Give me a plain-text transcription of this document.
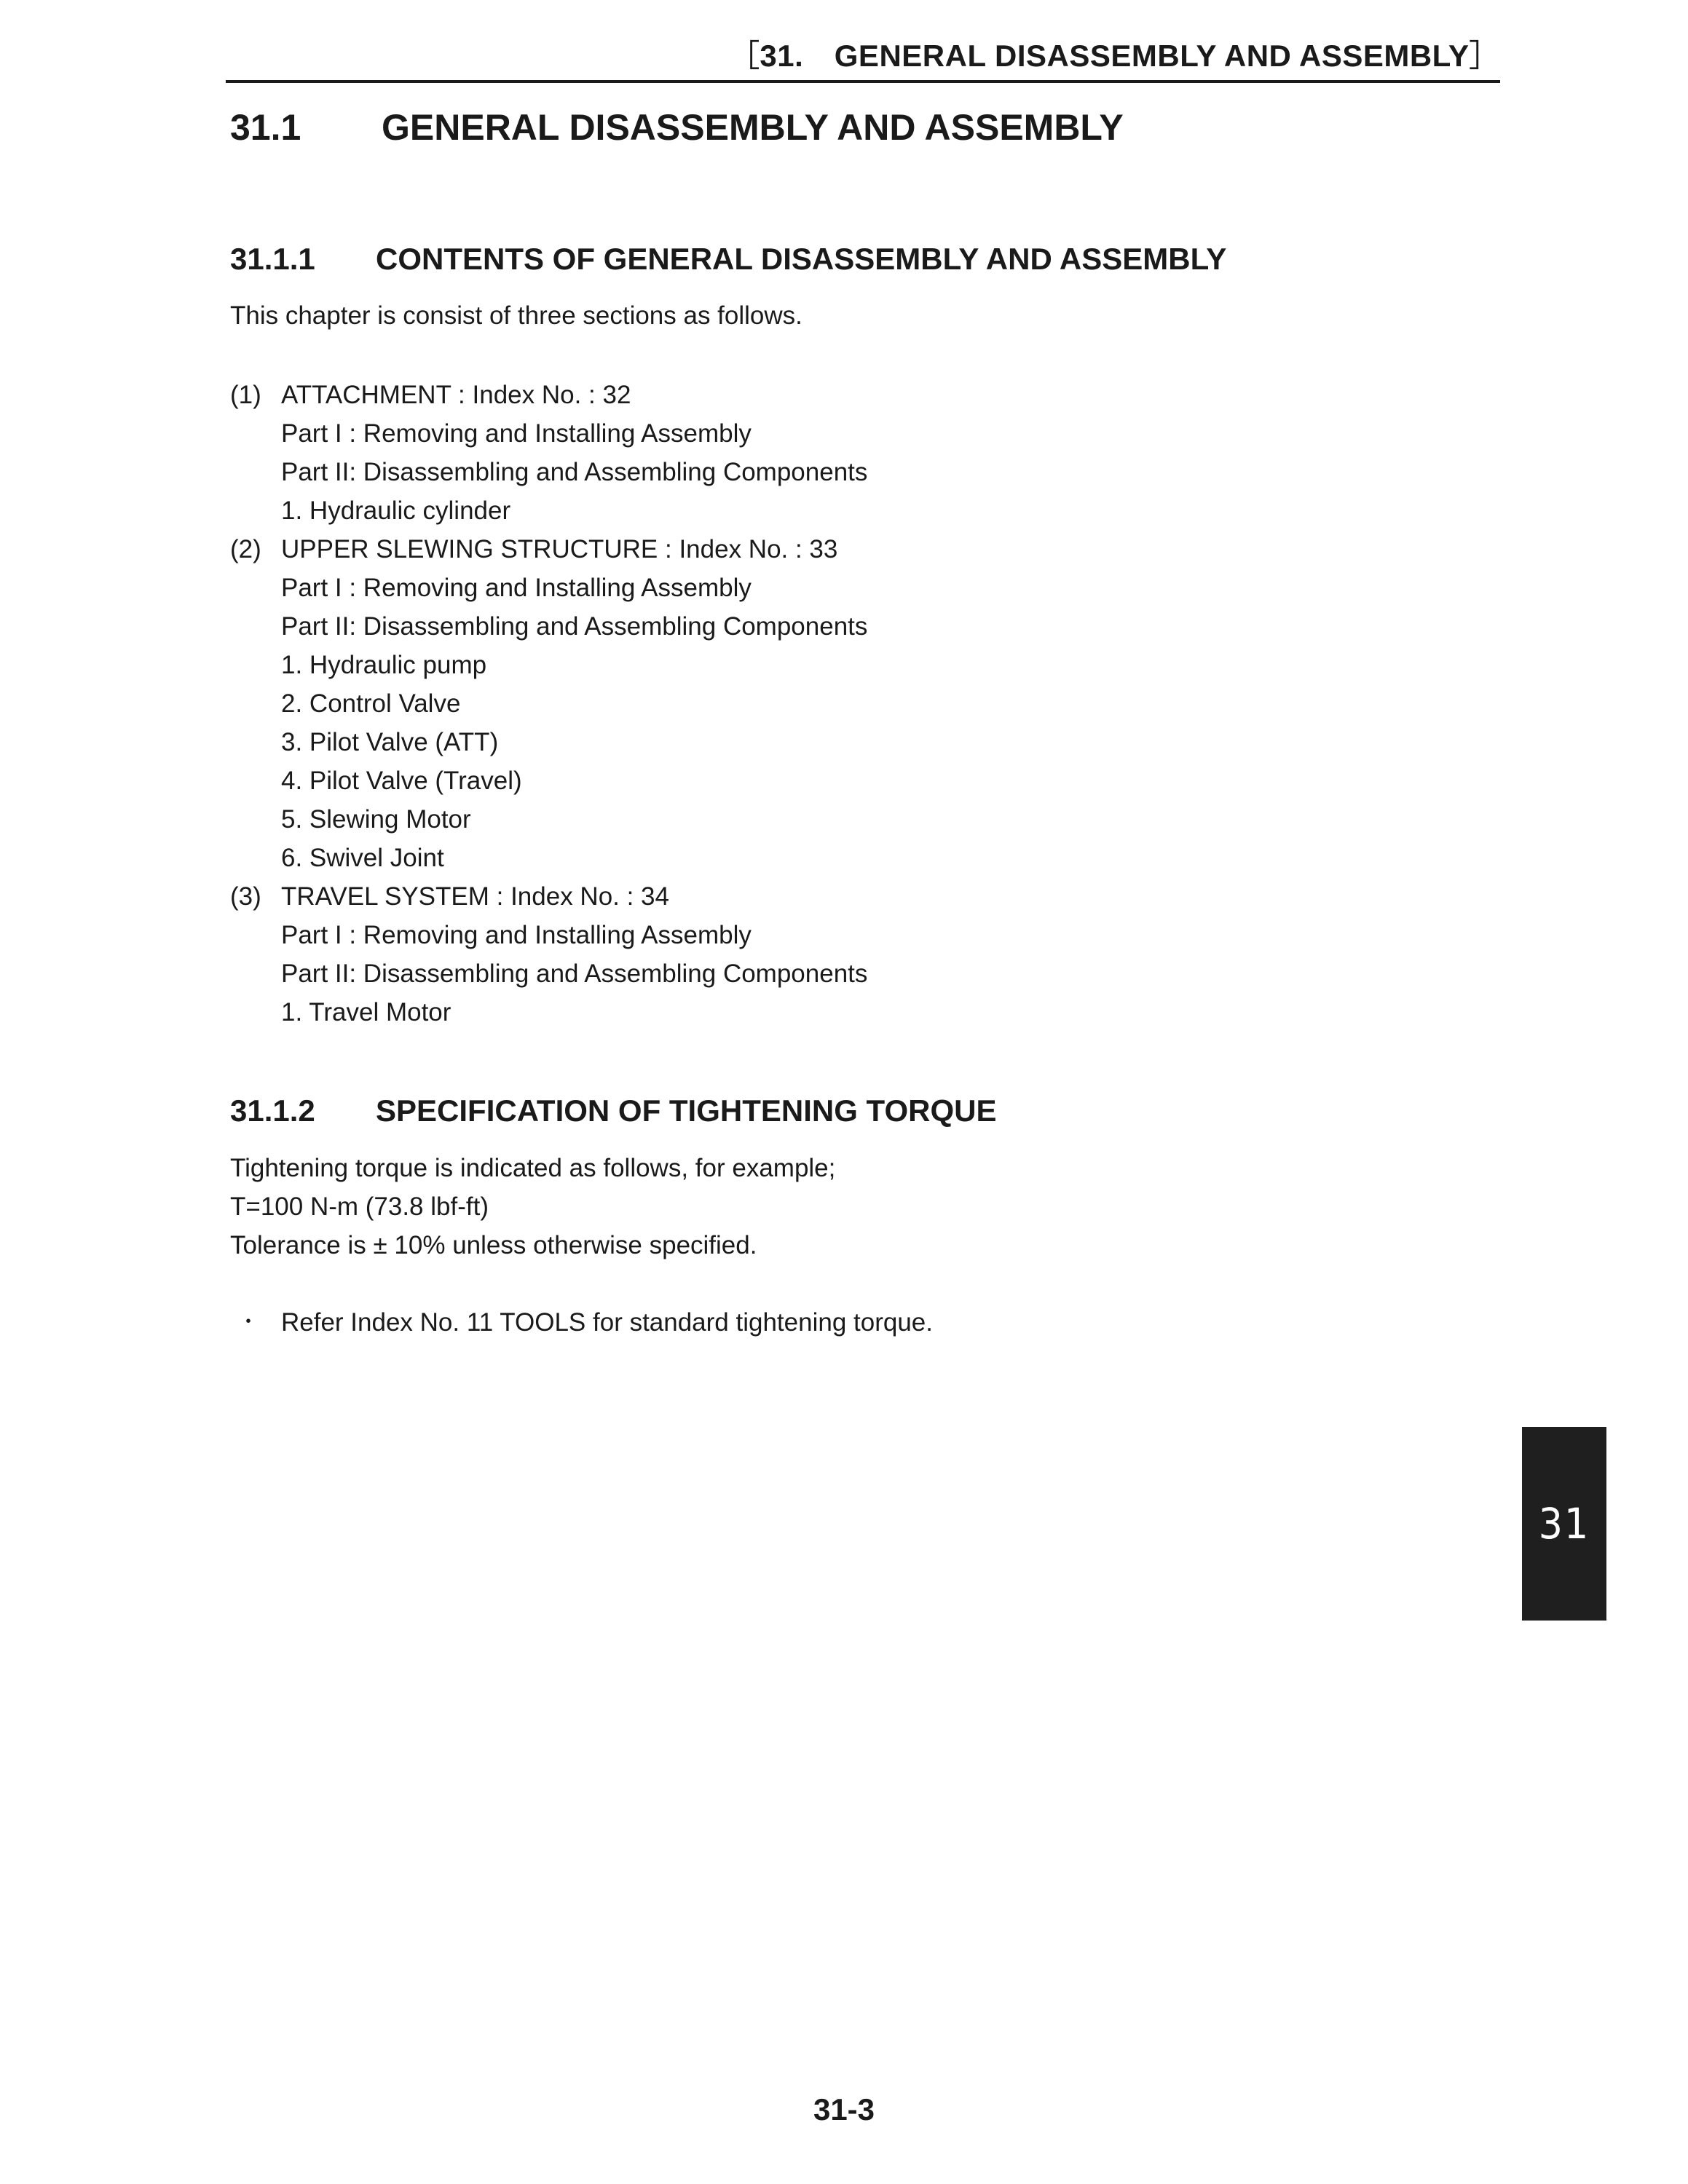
［31.　GENERAL DISASSEMBLY AND ASSEMBLY］
31.1 GENERAL DISASSEMBLY AND ASSEMBLY
31.1.1 CONTENTS OF GENERAL DISASSEMBLY AND ASSEMBLY
This chapter is consist of three sections as follows.
(1) ATTACHMENT : Index No. : 32
Part I : Removing and Installing Assembly
Part II: Disassembling and Assembling Components
1. Hydraulic cylinder
(2) UPPER SLEWING STRUCTURE : Index No. : 33
Part I : Removing and Installing Assembly
Part II: Disassembling and Assembling Components
1. Hydraulic pump
2. Control Valve
3. Pilot Valve (ATT)
4. Pilot Valve (Travel)
5. Slewing Motor
6. Swivel Joint
(3) TRAVEL SYSTEM : Index No. : 34
Part I : Removing and Installing Assembly
Part II: Disassembling and Assembling Components
1. Travel Motor
31.1.2 SPECIFICATION OF TIGHTENING TORQUE
Tightening torque is indicated as follows, for example;
T=100 N-m (73.8 lbf-ft)
Tolerance is ± 10% unless otherwise specified.
・ Refer Index No. 11 TOOLS for standard tightening torque.
31
31-3
